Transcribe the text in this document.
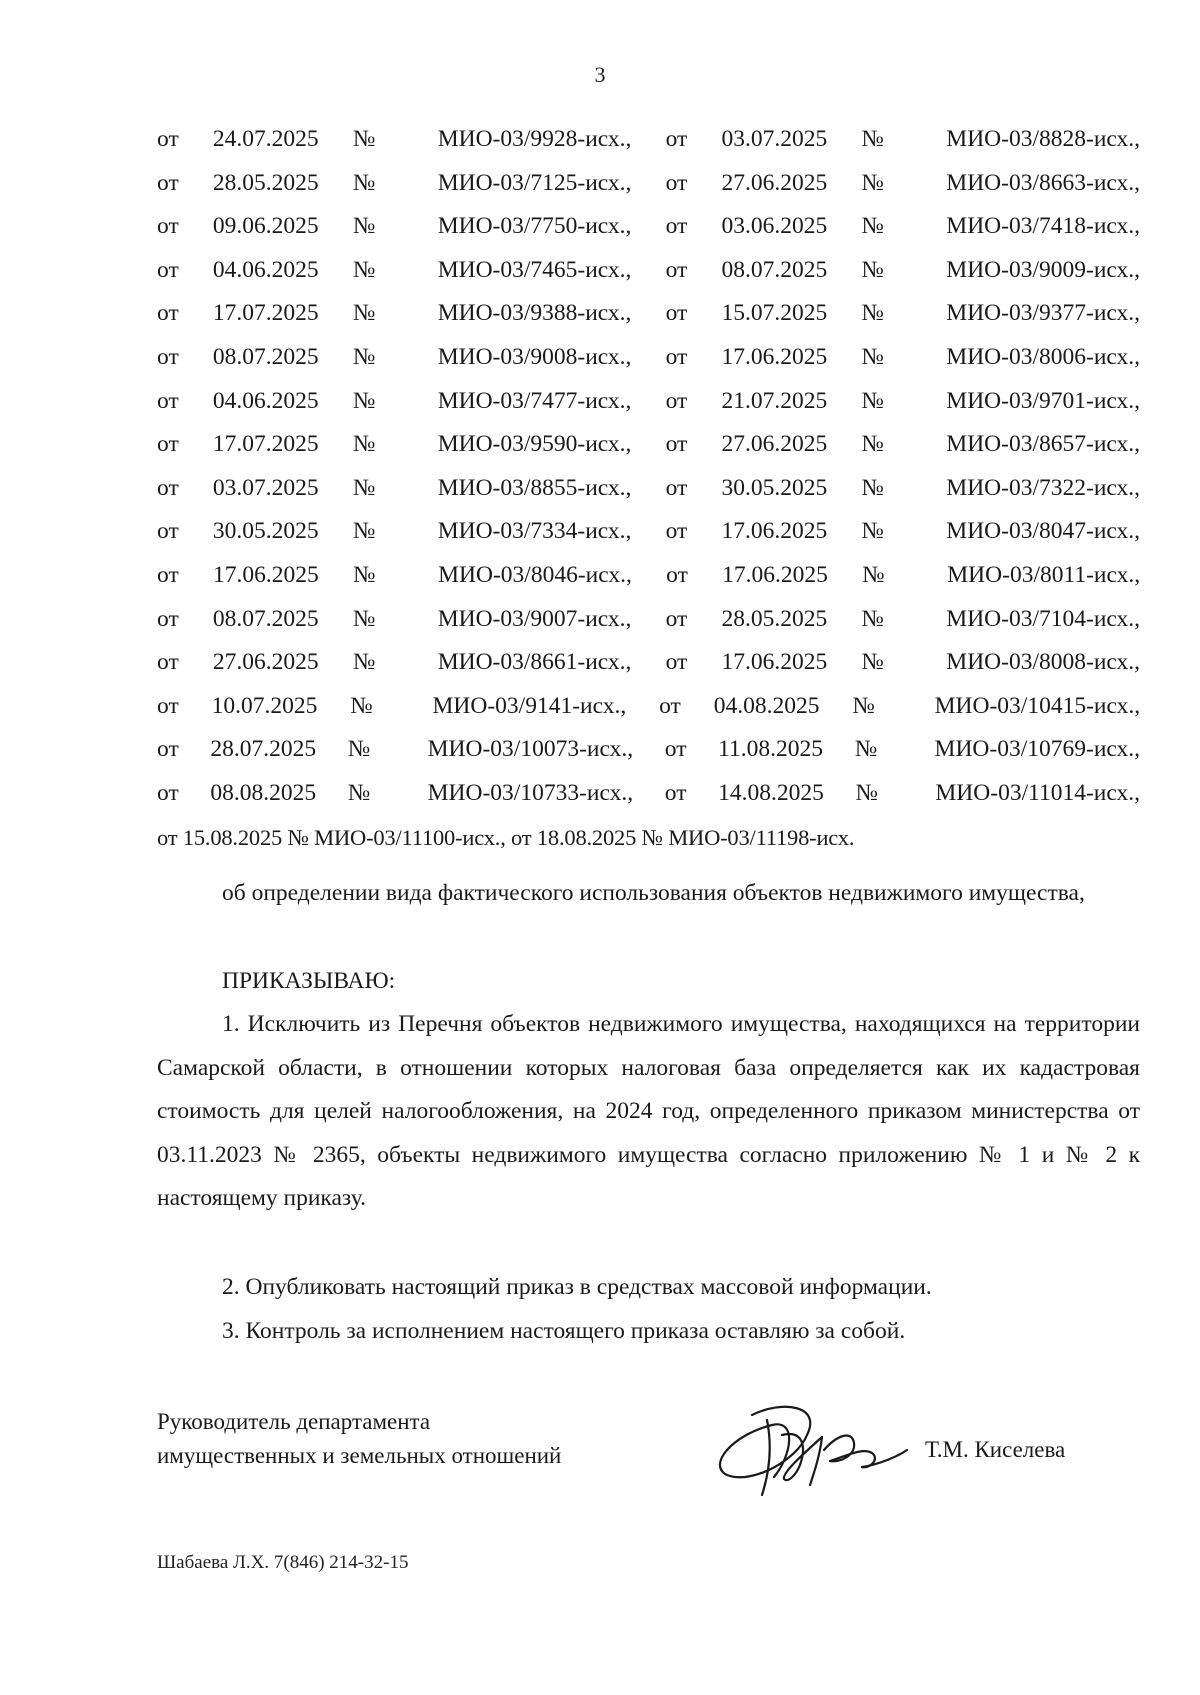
3
от 24.07.2025 № МИО-03/9928-исх., от 03.07.2025 № МИО-03/8828-исх.,
от 28.05.2025 № МИО-03/7125-исх., от 27.06.2025 № МИО-03/8663-исх.,
от 09.06.2025 № МИО-03/7750-исх., от 03.06.2025 № МИО-03/7418-исх.,
от 04.06.2025 № МИО-03/7465-исх., от 08.07.2025 № МИО-03/9009-исх.,
от 17.07.2025 № МИО-03/9388-исх., от 15.07.2025 № МИО-03/9377-исх.,
от 08.07.2025 № МИО-03/9008-исх., от 17.06.2025 № МИО-03/8006-исх.,
от 04.06.2025 № МИО-03/7477-исх., от 21.07.2025 № МИО-03/9701-исх.,
от 17.07.2025 № МИО-03/9590-исх., от 27.06.2025 № МИО-03/8657-исх.,
от 03.07.2025 № МИО-03/8855-исх., от 30.05.2025 № МИО-03/7322-исх.,
от 30.05.2025 № МИО-03/7334-исх., от 17.06.2025 № МИО-03/8047-исх.,
от 17.06.2025 № МИО-03/8046-исх., от 17.06.2025 № МИО-03/8011-исх.,
от 08.07.2025 № МИО-03/9007-исх., от 28.05.2025 № МИО-03/7104-исх.,
от 27.06.2025 № МИО-03/8661-исх., от 17.06.2025 № МИО-03/8008-исх.,
от 10.07.2025 № МИО-03/9141-исх., от 04.08.2025 № МИО-03/10415-исх.,
от 28.07.2025 № МИО-03/10073-исх., от 11.08.2025 № МИО-03/10769-исх.,
от 08.08.2025 № МИО-03/10733-исх., от 14.08.2025 № МИО-03/11014-исх.,
от 15.08.2025 № МИО-03/11100-исх., от 18.08.2025 № МИО-03/11198-исх.
об определении вида фактического использования объектов недвижимого имущества,
ПРИКАЗЫВАЮ:
1. Исключить из Перечня объектов недвижимого имущества, находящихся на территории Самарской области, в отношении которых налоговая база определяется как их кадастровая стоимость для целей налогообложения, на 2024 год, определенного приказом министерства от 03.11.2023 № 2365, объекты недвижимого имущества согласно приложению № 1 и № 2 к настоящему приказу.
2. Опубликовать настоящий приказ в средствах массовой информации.
3. Контроль за исполнением настоящего приказа оставляю за собой.
Руководитель департамента
имущественных и земельных отношений	Т.М. Киселева
Шабаева Л.Х. 7(846) 214-32-15
